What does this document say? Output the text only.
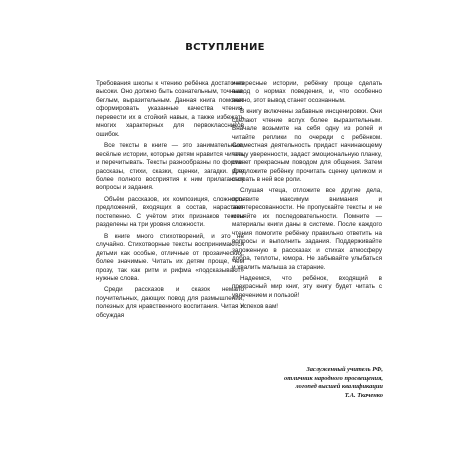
ВСТУПЛЕНИЕ

Требования школы к чтению ребёнка достаточно высоки. Оно должно быть сознательным, точным, беглым, выразительным. Данная книга поможет сформировать указанные качества чтения, перевести их в стойкий навык, а также избежать многих характерных для первоклассников ошибок.

Все тексты в книге — это занимательные, весёлые истории, которые детям нравится читать и перечитывать. Тексты разнообразны по форме: рассказы, стихи, сказки, сценки, загадки. Для более полного восприятия к ним прилагаются вопросы и задания.

Объём рассказов, их композиция, сложность предложений, входящих в состав, нарастают постепенно. С учётом этих признаков тексты разделены на три уровня сложности.

В книге много стихотворений, и это не случайно. Стихотворные тексты воспринимаются детьми как особые, отличные от прозаических, более значимые. Читать их детям проще, чем прозу, так как ритм и рифма «подсказывают» нужные слова.

Среди рассказов и сказок немало поучительных, дающих повод для размышлений, полезных для нравственного воспитания. Читая и обсуждая

интересные истории, ребёнку проще сделать вывод о нормах поведения, и, что особенно важно, этот вывод станет осознанным.

В книгу включены забавные инсценировки. Они сделают чтение вслух более выразительным. Вначале возьмите на себя одну из ролей и читайте реплики по очереди с ребёнком. Совместная деятельность придаст начинающему чтецу уверенности, задаст эмоциональную планку, станет прекрасным поводом для общения. Затем предложите ребёнку прочитать сценку целиком и сыграть в ней все роли.

Слушая чтеца, отложите все другие дела, проявите максимум внимания и заинтересованности. Не пропускайте тексты и не меняйте их последовательности. Помните — материалы книги даны в системе. После каждого чтения помогите ребёнку правильно ответить на вопросы и выполнить задания. Поддерживайте заложенную в рассказах и стихах атмосферу добра, теплоты, юмора. Не забывайте улыбаться и хвалить малыша за старание.

Надеемся, что ребёнок, входящий в прекрасный мир книг, эту книгу будет читать с увлечением и пользой!

Успехов вам!

Заслуженный учитель РФ,
отличник народного просвещения,
логопед высшей квалификации
Т.А. Ткаченко
